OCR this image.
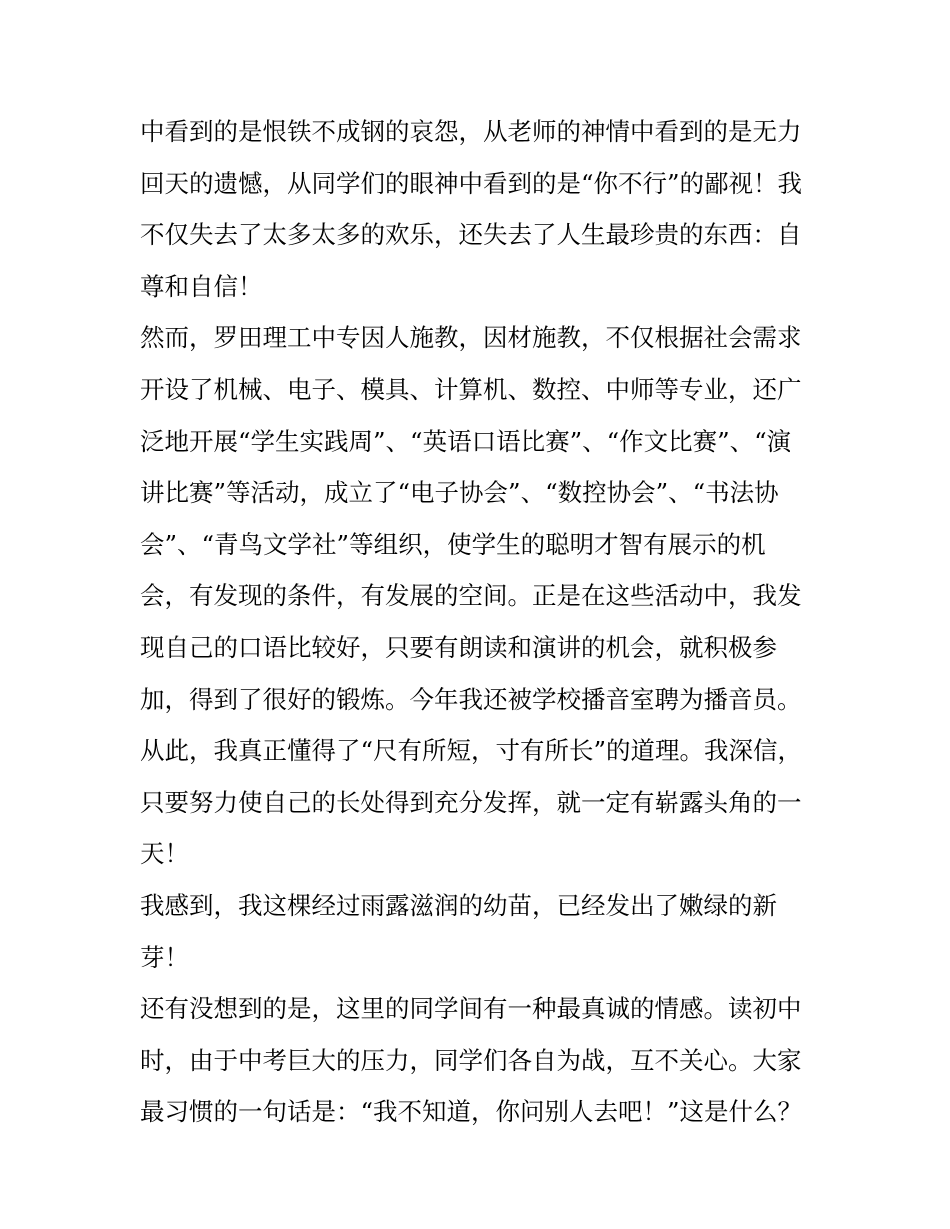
中看到的是恨铁不成钢的哀怨，从老师的神情中看到的是无力
回天的遗憾，从同学们的眼神中看到的是“你不行”的鄙视！我
不仅失去了太多太多的欢乐，还失去了人生最珍贵的东西：自
尊和自信！
然而，罗田理工中专因人施教，因材施教，不仅根据社会需求
开设了机械、电子、模具、计算机、数控、中师等专业，还广
泛地开展“学生实践周”、“英语口语比赛”、“作文比赛”、“演
讲比赛”等活动，成立了“电子协会”、“数控协会”、“书法协
会”、“青鸟文学社”等组织，使学生的聪明才智有展示的机
会，有发现的条件，有发展的空间。正是在这些活动中，我发
现自己的口语比较好，只要有朗读和演讲的机会，就积极参
加，得到了很好的锻炼。今年我还被学校播音室聘为播音员。
从此，我真正懂得了“尺有所短，寸有所长”的道理。我深信，
只要努力使自己的长处得到充分发挥，就一定有崭露头角的一
天！
我感到，我这棵经过雨露滋润的幼苗，已经发出了嫩绿的新
芽！
还有没想到的是，这里的同学间有一种最真诚的情感。读初中
时，由于中考巨大的压力，同学们各自为战，互不关心。大家
最习惯的一句话是：“我不知道，你问别人去吧！”这是什么？
